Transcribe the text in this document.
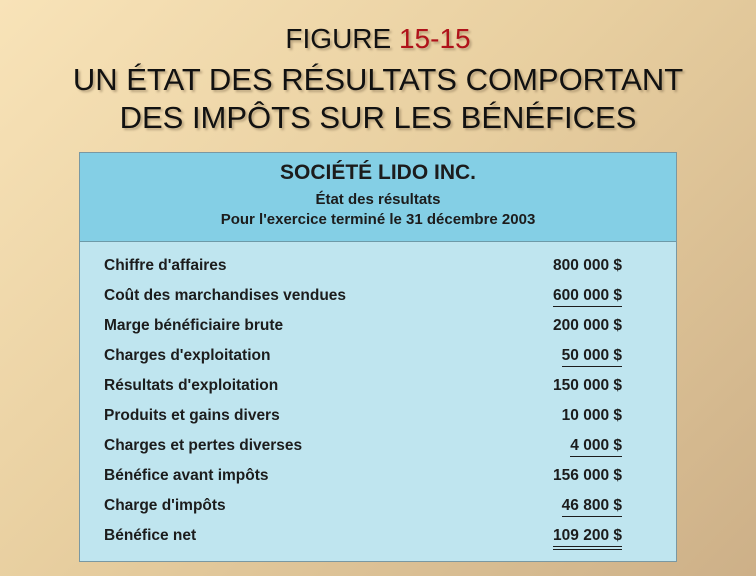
FIGURE 15-15
UN ÉTAT DES RÉSULTATS COMPORTANT
DES IMPÔTS SUR LES BÉNÉFICES
SOCIÉTÉ LIDO INC.
État des résultats
Pour l'exercice terminé le 31 décembre 2003
Chiffre d'affaires	800 000 $
Coût des marchandises vendues	600 000 $
Marge bénéficiaire brute	200 000 $
Charges d'exploitation	50 000 $
Résultats d'exploitation	150 000 $
Produits et gains divers	10 000 $
Charges et pertes diverses	4 000 $
Bénéfice avant impôts	156 000 $
Charge d'impôts	46 800 $
Bénéfice net	109 200 $
